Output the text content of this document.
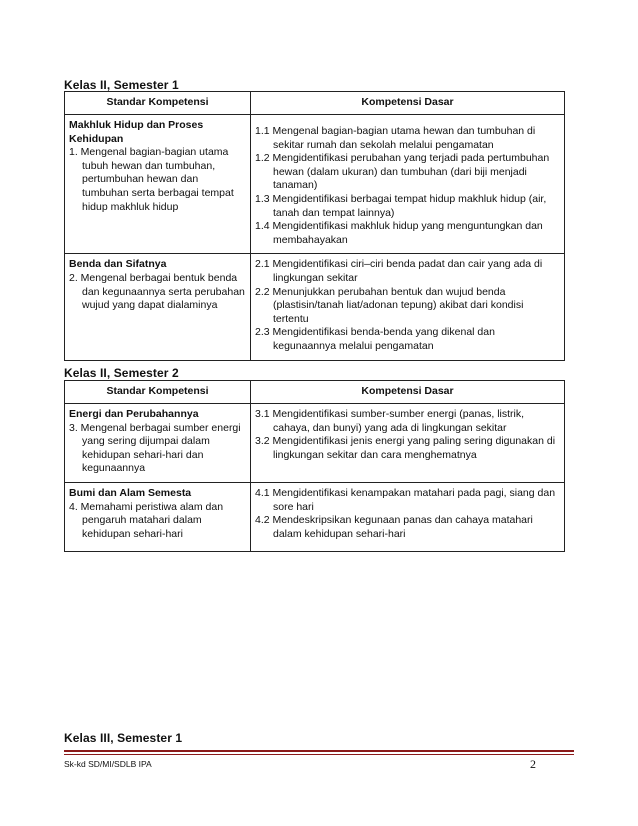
Kelas II, Semester 1
Standar Kompetensi	Kompetensi Dasar

Makhluk Hidup dan Proses Kehidupan
1. Mengenal bagian-bagian utama tubuh hewan dan tumbuhan, pertumbuhan hewan dan tumbuhan serta berbagai tempat hidup makhluk hidup	1.1 Mengenal bagian-bagian utama hewan dan tumbuhan di sekitar rumah dan sekolah melalui pengamatan
1.2 Mengidentifikasi perubahan yang terjadi pada pertumbuhan hewan (dalam ukuran) dan tumbuhan (dari biji menjadi tanaman)
1.3 Mengidentifikasi berbagai tempat hidup makhluk hidup (air, tanah dan tempat lainnya)
1.4 Mengidentifikasi makhluk hidup yang menguntungkan dan membahayakan

Benda dan Sifatnya
2. Mengenal berbagai bentuk benda dan kegunaannya serta perubahan wujud yang dapat dialaminya	2.1 Mengidentifikasi ciri–ciri benda padat dan cair yang ada di lingkungan sekitar
2.2 Menunjukkan perubahan bentuk dan wujud benda (plastisin/tanah liat/adonan tepung) akibat dari kondisi tertentu
2.3 Mengidentifikasi benda-benda yang dikenal dan kegunaannya melalui pengamatan
Kelas II, Semester 2
Standar Kompetensi	Kompetensi Dasar

Energi dan Perubahannya
3. Mengenal berbagai sumber energi yang sering dijumpai dalam kehidupan sehari-hari dan kegunaannya	3.1 Mengidentifikasi sumber-sumber energi (panas, listrik, cahaya, dan bunyi) yang ada di lingkungan sekitar
3.2 Mengidentifikasi jenis energi yang paling sering digunakan di lingkungan sekitar dan cara menghematnya

Bumi dan Alam Semesta
4. Memahami peristiwa alam dan pengaruh matahari dalam kehidupan sehari-hari	4.1 Mengidentifikasi kenampakan matahari pada pagi, siang dan sore hari
4.2 Mendeskripsikan kegunaan panas dan cahaya matahari dalam kehidupan sehari-hari
Kelas III, Semester 1
Sk-kd SD/MI/SDLB IPA	2
